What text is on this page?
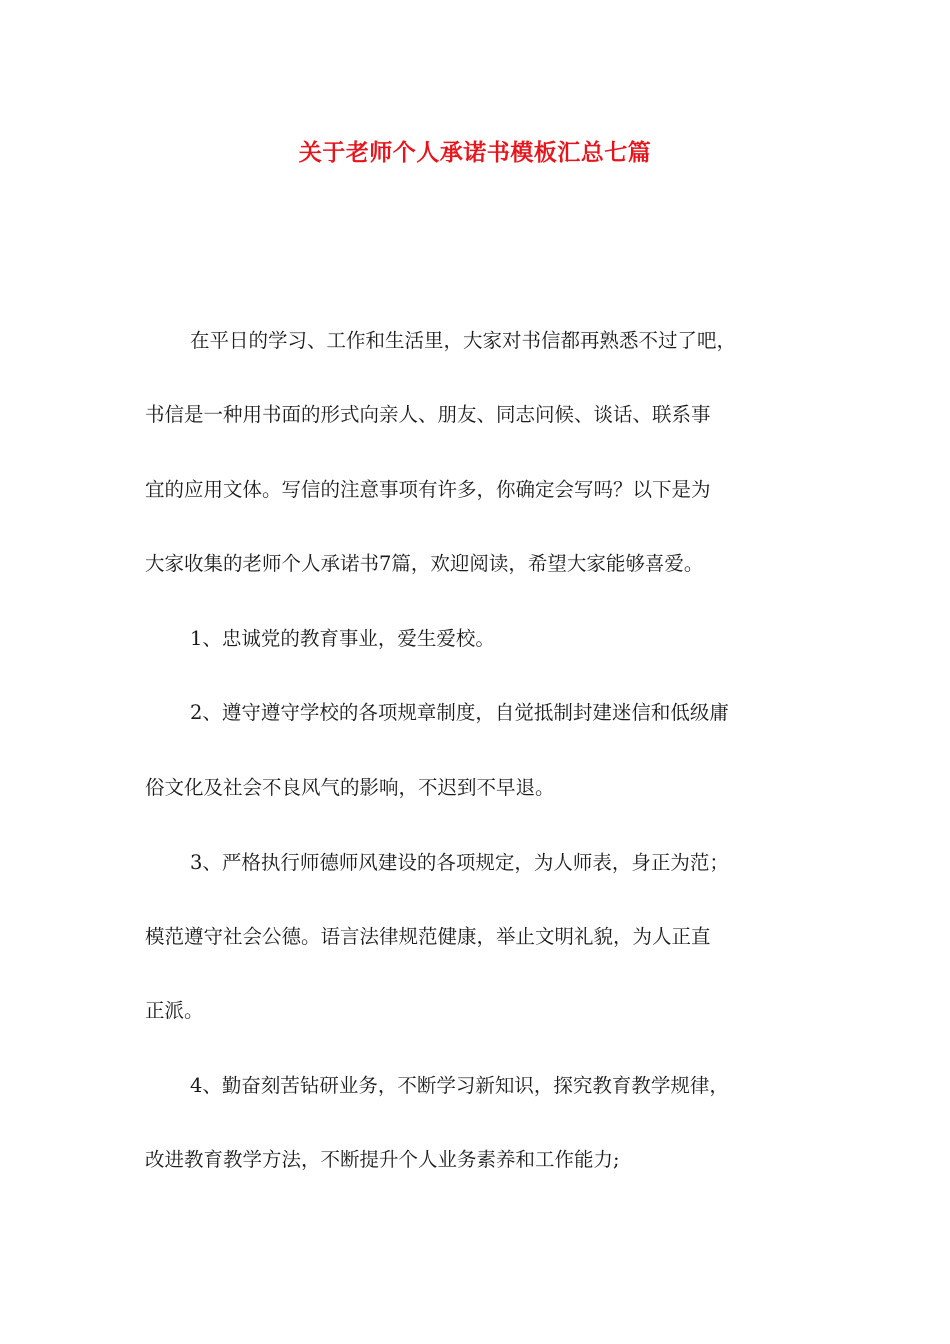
关于老师个人承诺书模板汇总七篇

在平日的学习、工作和生活里，大家对书信都再熟悉不过了吧，

书信是一种用书面的形式向亲人、朋友、同志问候、谈话、联系事

宜的应用文体。写信的注意事项有许多，你确定会写吗？以下是为

大家收集的老师个人承诺书7篇，欢迎阅读，希望大家能够喜爱。

1、忠诚党的教育事业，爱生爱校。

2、遵守遵守学校的各项规章制度，自觉抵制封建迷信和低级庸

俗文化及社会不良风气的影响，不迟到不早退。

3、严格执行师德师风建设的各项规定，为人师表，身正为范；

模范遵守社会公德。语言法律规范健康，举止文明礼貌，为人正直

正派。

4、勤奋刻苦钻研业务，不断学习新知识，探究教育教学规律，

改进教育教学方法，不断提升个人业务素养和工作能力;
